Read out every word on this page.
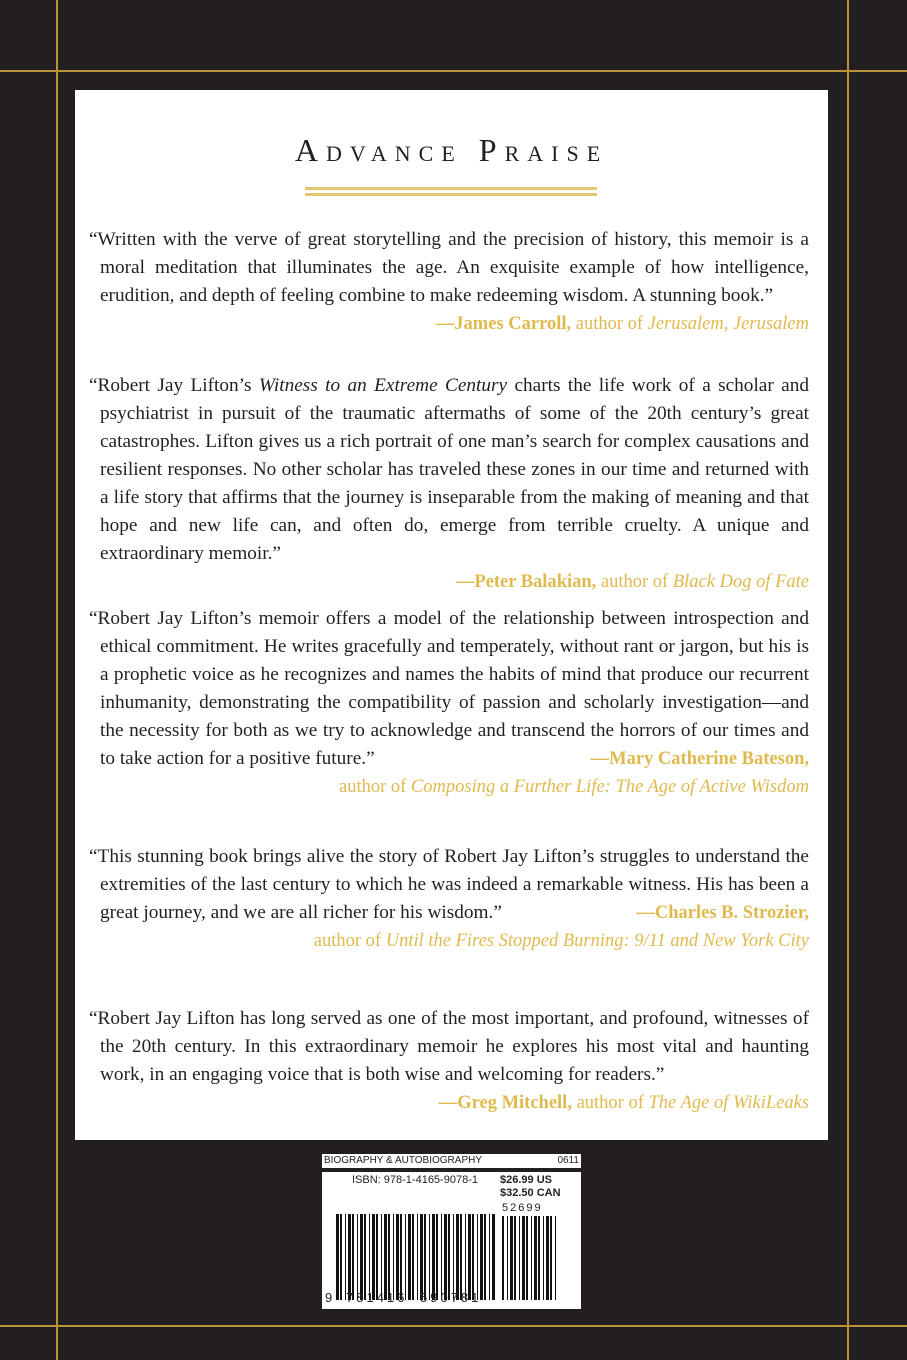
Advance Praise

“Written with the verve of great storytelling and the precision of history, this memoir is a moral meditation that illuminates the age. An exquisite example of how intelligence, erudition, and depth of feeling combine to make redeeming wisdom. A stunning book.”

—James Carroll, author of Jerusalem, Jerusalem

“Robert Jay Lifton’s Witness to an Extreme Century charts the life work of a scholar and psychiatrist in pursuit of the traumatic aftermaths of some of the 20th century’s great catastrophes. Lifton gives us a rich portrait of one man’s search for complex causations and resilient responses. No other scholar has traveled these zones in our time and returned with a life story that affirms that the journey is inseparable from the making of meaning and that hope and new life can, and often do, emerge from terrible cruelty. A unique and extraordinary memoir.”

—Peter Balakian, author of Black Dog of Fate

“Robert Jay Lifton’s memoir offers a model of the relationship between introspection and ethical commitment. He writes gracefully and temperately, without rant or jargon, but his is a prophetic voice as he recognizes and names the habits of mind that produce our recurrent inhumanity, demonstrating the compatibility of passion and scholarly investigation—and the necessity for both as we try to acknowledge and transcend the horrors of our times and to take action for a positive future.”	—Mary Catherine Bateson,
author of Composing a Further Life: The Age of Active Wisdom

“This stunning book brings alive the story of Robert Jay Lifton’s struggles to understand the extremities of the last century to which he was indeed a remarkable witness. His has been a great journey, and we are all richer for his wisdom.”	—Charles B. Strozier,
author of Until the Fires Stopped Burning: 9/11 and New York City

“Robert Jay Lifton has long served as one of the most important, and profound, witnesses of the 20th century. In this extraordinary memoir he explores his most vital and haunting work, in an engaging voice that is both wise and welcoming for readers.”

—Greg Mitchell, author of The Age of WikiLeaks
BIOGRAPHY & AUTOBIOGRAPHY	0611
ISBN: 978-1-4165-9078-1 $26.99 US
$32.50 CAN
52699
9 781416 590781
